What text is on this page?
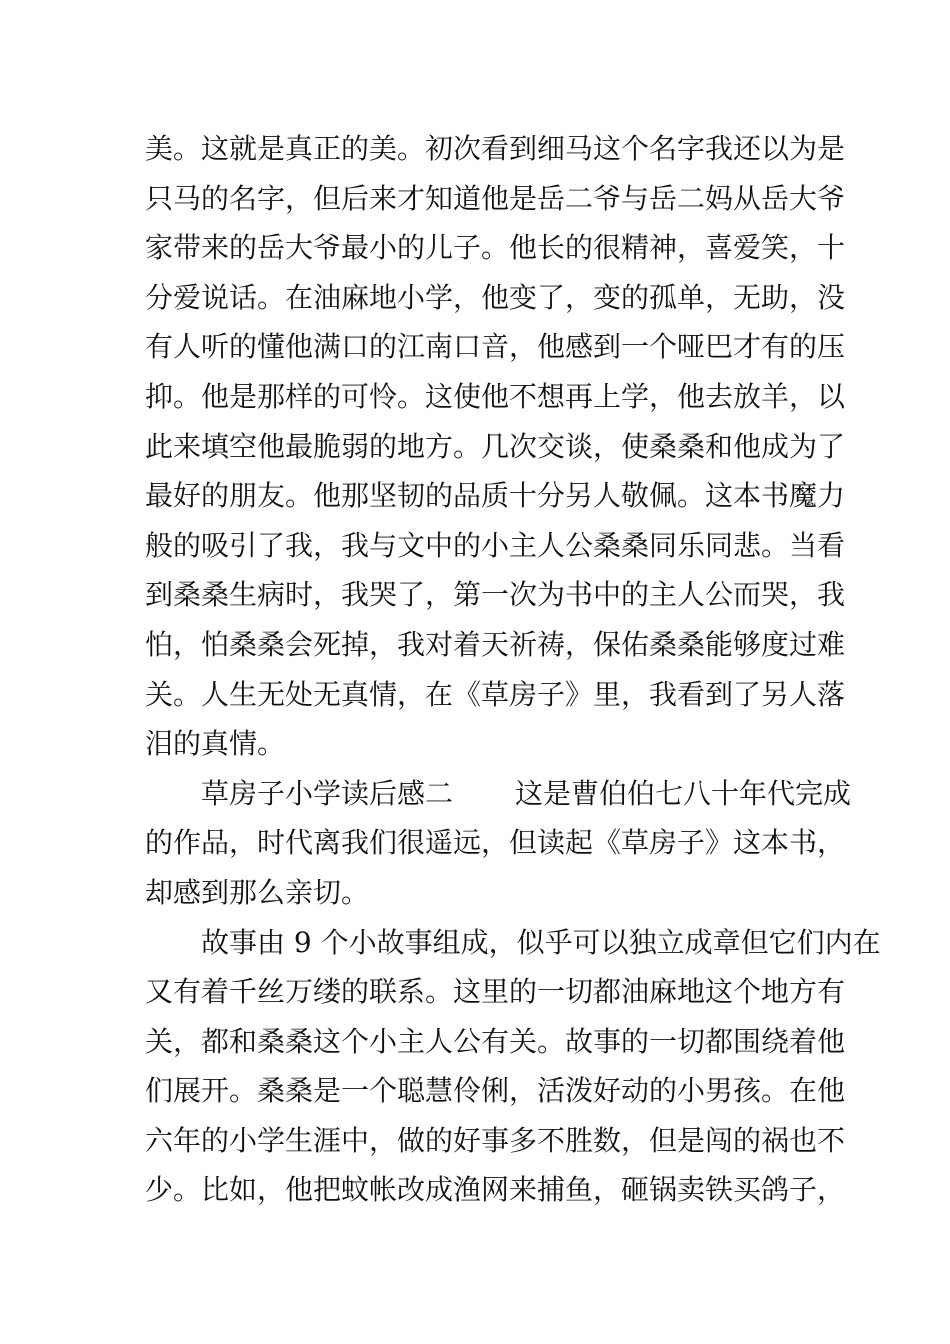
美。这就是真正的美。初次看到细马这个名字我还以为是
只马的名字，但后来才知道他是岳二爷与岳二妈从岳大爷
家带来的岳大爷最小的儿子。他长的很精神，喜爱笑，十
分爱说话。在油麻地小学，他变了，变的孤单，无助，没
有人听的懂他满口的江南口音，他感到一个哑巴才有的压
抑。他是那样的可怜。这使他不想再上学，他去放羊，以
此来填空他最脆弱的地方。几次交谈，使桑桑和他成为了
最好的朋友。他那坚韧的品质十分另人敬佩。这本书魔力
般的吸引了我，我与文中的小主人公桑桑同乐同悲。当看
到桑桑生病时，我哭了，第一次为书中的主人公而哭，我
怕，怕桑桑会死掉，我对着天祈祷，保佑桑桑能够度过难
关。人生无处无真情，在《草房子》里，我看到了另人落
泪的真情。
草房子小学读后感二 这是曹伯伯七八十年代完成
的作品，时代离我们很遥远，但读起《草房子》这本书，
却感到那么亲切。
故事由 9 个小故事组成，似乎可以独立成章但它们内在
又有着千丝万缕的联系。这里的一切都油麻地这个地方有
关，都和桑桑这个小主人公有关。故事的一切都围绕着他
们展开。桑桑是一个聪慧伶俐，活泼好动的小男孩。在他
六年的小学生涯中，做的好事多不胜数，但是闯的祸也不
少。比如，他把蚊帐改成渔网来捕鱼，砸锅卖铁买鸽子，
